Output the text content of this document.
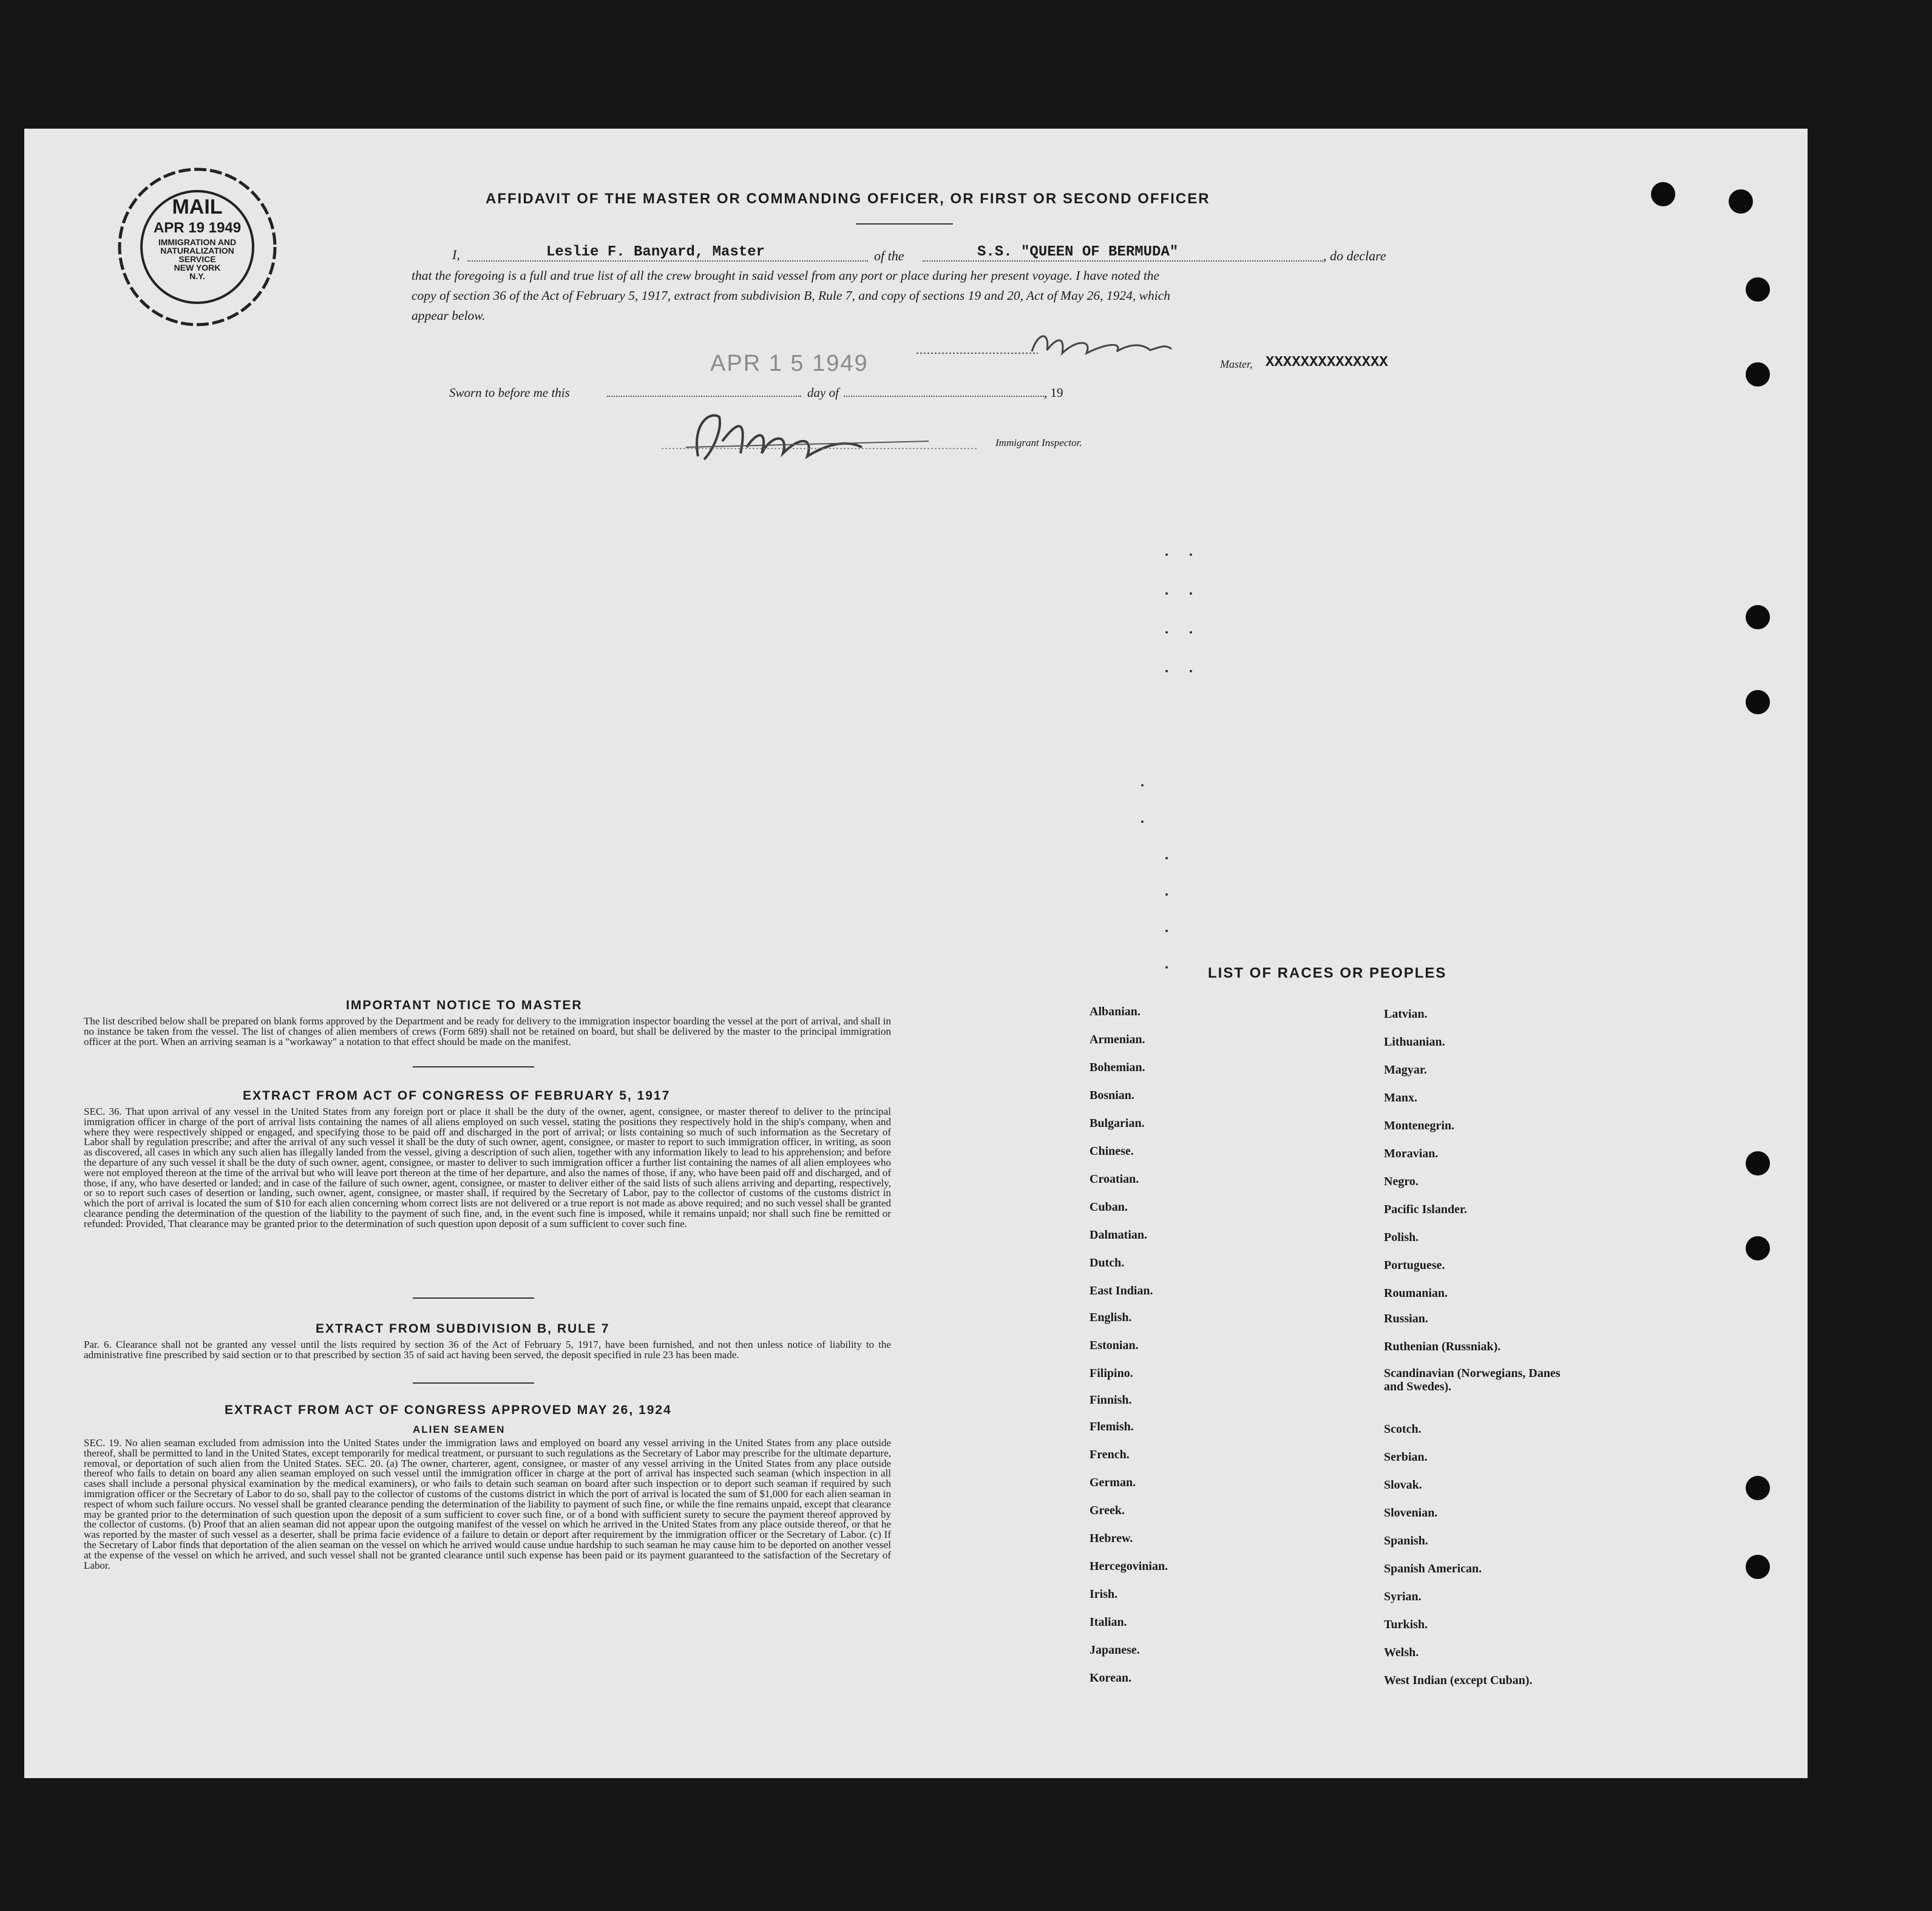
MAIL
APR 19 1949
IMMIGRATION AND
NATURALIZATION
SERVICE
NEW YORK
N.Y.
AFFIDAVIT OF THE MASTER OR COMMANDING OFFICER, OR FIRST OR SECOND OFFICER
I,	Leslie F. Banyard, Master	of the	S.S. "QUEEN OF BERMUDA"	, do declare
that the foregoing is a full and true list of all the crew brought in said vessel from any port or place during her present voyage. I have noted the
copy of section 36 of the Act of February 5, 1917, extract from subdivision B, Rule 7, and copy of sections 19 and 20, Act of May 26, 1924, which
appear below.
Master, XXXXXXXXXXXXXX
APR 1 5 1949
Sworn to before me this	day of	, 19
Immigrant Inspector.
IMPORTANT NOTICE TO MASTER
The list described below shall be prepared on blank forms approved by the Department and be ready for delivery to the immigration inspector boarding the vessel at the port of arrival, and shall in no instance be taken from the vessel. The list of changes of alien members of crews (Form 689) shall not be retained on board, but shall be delivered by the master to the principal immigration officer at the port. When an arriving seaman is a "workaway" a notation to that effect should be made on the manifest.
EXTRACT FROM ACT OF CONGRESS OF FEBRUARY 5, 1917
SEC. 36. That upon arrival of any vessel in the United States from any foreign port or place it shall be the duty of the owner, agent, consignee, or master thereof to deliver to the principal immigration officer in charge of the port of arrival lists containing the names of all aliens employed on such vessel, stating the positions they respectively hold in the ship's company, when and where they were respectively shipped or engaged, and specifying those to be paid off and discharged in the port of arrival; or lists containing so much of such information as the Secretary of Labor shall by regulation prescribe; and after the arrival of any such vessel it shall be the duty of such owner, agent, consignee, or master to report to such immigration officer, in writing, as soon as discovered, all cases in which any such alien has illegally landed from the vessel, giving a description of such alien, together with any information likely to lead to his apprehension; and before the departure of any such vessel it shall be the duty of such owner, agent, consignee, or master to deliver to such immigration officer a further list containing the names of all alien employees who were not employed thereon at the time of the arrival but who will leave port thereon at the time of her departure, and also the names of those, if any, who have been paid off and discharged, and of those, if any, who have deserted or landed; and in case of the failure of such owner, agent, consignee, or master to deliver either of the said lists of such aliens arriving and departing, respectively, or so to report such cases of desertion or landing, such owner, agent, consignee, or master shall, if required by the Secretary of Labor, pay to the collector of customs of the customs district in which the port of arrival is located the sum of $10 for each alien concerning whom correct lists are not delivered or a true report is not made as above required; and no such vessel shall be granted clearance pending the determination of the question of the liability to the payment of such fine, and, in the event such fine is imposed, while it remains unpaid; nor shall such fine be remitted or refunded: Provided, That clearance may be granted prior to the determination of such question upon deposit of a sum sufficient to cover such fine.
EXTRACT FROM SUBDIVISION B, RULE 7
Par. 6. Clearance shall not be granted any vessel until the lists required by section 36 of the Act of February 5, 1917, have been furnished, and not then unless notice of liability to the administrative fine prescribed by said section or to that prescribed by section 35 of said act having been served, the deposit specified in rule 23 has been made.
EXTRACT FROM ACT OF CONGRESS APPROVED MAY 26, 1924
ALIEN SEAMEN
SEC. 19. No alien seaman excluded from admission into the United States under the immigration laws and employed on board any vessel arriving in the United States from any place outside thereof, shall be permitted to land in the United States, except temporarily for medical treatment, or pursuant to such regulations as the Secretary of Labor may prescribe for the ultimate departure, removal, or deportation of such alien from the United States. SEC. 20. (a) The owner, charterer, agent, consignee, or master of any vessel arriving in the United States from any place outside thereof who fails to detain on board any alien seaman employed on such vessel until the immigration officer in charge at the port of arrival has inspected such seaman (which inspection in all cases shall include a personal physical examination by the medical examiners), or who fails to detain such seaman on board after such inspection or to deport such seaman if required by such immigration officer or the Secretary of Labor to do so, shall pay to the collector of customs of the customs district in which the port of arrival is located the sum of $1,000 for each alien seaman in respect of whom such failure occurs. No vessel shall be granted clearance pending the determination of the liability to payment of such fine, or while the fine remains unpaid, except that clearance may be granted prior to the determination of such question upon the deposit of a sum sufficient to cover such fine, or of a bond with sufficient surety to secure the payment thereof approved by the collector of customs. (b) Proof that an alien seaman did not appear upon the outgoing manifest of the vessel on which he arrived in the United States from any place outside thereof, or that he was reported by the master of such vessel as a deserter, shall be prima facie evidence of a failure to detain or deport after requirement by the immigration officer or the Secretary of Labor. (c) If the Secretary of Labor finds that deportation of the alien seaman on the vessel on which he arrived would cause undue hardship to such seaman he may cause him to be deported on another vessel at the expense of the vessel on which he arrived, and such vessel shall not be granted clearance until such expense has been paid or its payment guaranteed to the satisfaction of the Secretary of Labor.
LIST OF RACES OR PEOPLES
Albanian.
Armenian.
Bohemian.
Bosnian.
Bulgarian.
Chinese.
Croatian.
Cuban.
Dalmatian.
Dutch.
East Indian.
English.
Estonian.
Filipino.
Finnish.
Flemish.
French.
German.
Greek.
Hebrew.
Hercegovinian.
Irish.
Italian.
Japanese.
Korean.
Latvian.
Lithuanian.
Magyar.
Manx.
Montenegrin.
Moravian.
Negro.
Pacific Islander.
Polish.
Portuguese.
Roumanian.
Russian.
Ruthenian (Russniak).
Scandinavian (Norwegians, Danes and Swedes).
Scotch.
Serbian.
Slovak.
Slovenian.
Spanish.
Spanish American.
Syrian.
Turkish.
Welsh.
West Indian (except Cuban).
